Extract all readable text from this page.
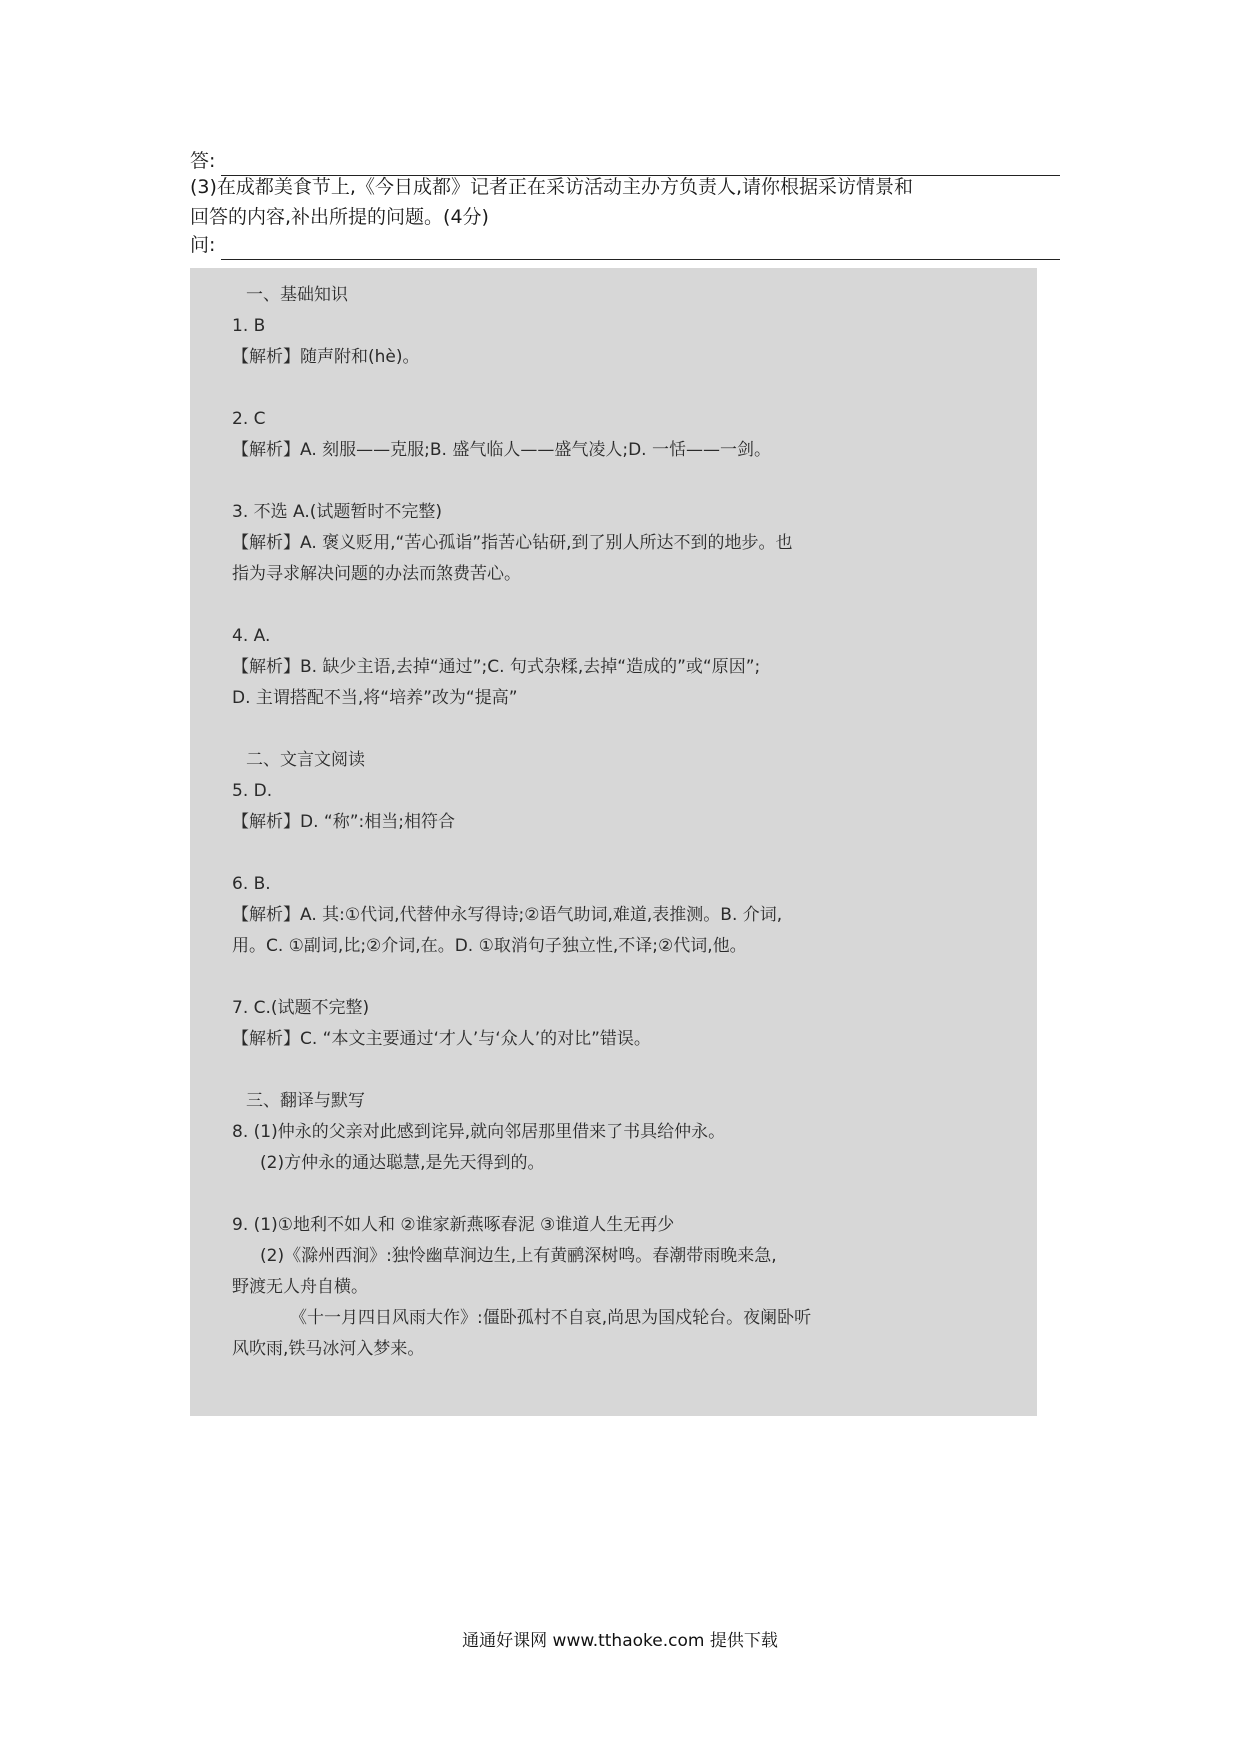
答:

(3)在成都美食节上,《今日成都》记者正在采访活动主办方负责人,请你根据采访情景和

回答的内容,补出所提的问题。(4分)

问:
一、基础知识
1. B
【解析】随声附和(hè)。
2. C
【解析】A. 刻服——克服;B. 盛气临人——盛气凌人;D. 一恬——一剑。
3. 不选 A.(试题暂时不完整)
【解析】A. 褒义贬用,“苦心孤诣”指苦心钻研,到了别人所达不到的地步。也
指为寻求解决问题的办法而煞费苦心。
4. A.
【解析】B. 缺少主语,去掉“通过”;C. 句式杂糅,去掉“造成的”或“原因”;
D. 主谓搭配不当,将“培养”改为“提高”
二、文言文阅读
5. D.
【解析】D. “称”:相当;相符合
6. B.
【解析】A. 其:①代词,代替仲永写得诗;②语气助词,难道,表推测。B. 介词,
用。C. ①副词,比;②介词,在。D. ①取消句子独立性,不译;②代词,他。
7. C.(试题不完整)
【解析】C. “本文主要通过‘才人’与‘众人’的对比”错误。
三、翻译与默写
8. (1)仲永的父亲对此感到诧异,就向邻居那里借来了书具给仲永。
(2)方仲永的通达聪慧,是先天得到的。
9. (1)①地利不如人和 ②谁家新燕啄春泥 ③谁道人生无再少
(2)《滁州西涧》:独怜幽草涧边生,上有黄鹂深树鸣。春潮带雨晚来急,
野渡无人舟自横。
《十一月四日风雨大作》:僵卧孤村不自哀,尚思为国戍轮台。夜阑卧听
风吹雨,铁马冰河入梦来。
通通好课网 www.tthaoke.com 提供下载
